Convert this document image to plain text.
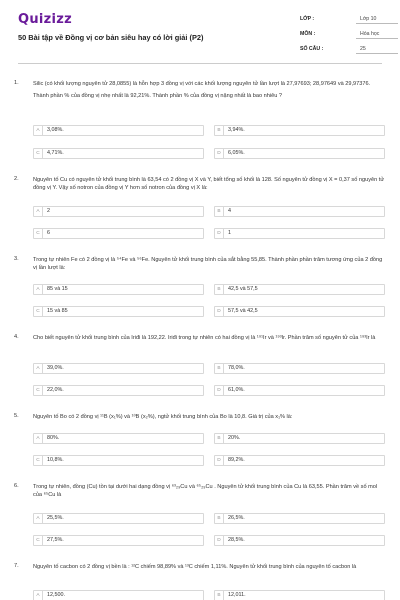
Quizizz
50 Bài tập về Đồng vị cơ bản siêu hay có lời giải (P2)
LỚP :	Lớp 10
MÔN :	Hóa học
SỐ CÂU :	25
1.	Silic (có khối lượng nguyên tử 28,0855) là hỗn hợp 3 đồng vị với các khối lượng nguyên tử lần lượt là 27,97693; 28,97649 và 29,97376.

Thành phần % của đồng vị nhẹ nhất là 92,21%. Thành phần % của đồng vị nặng nhất là bao nhiêu ?

A	3,08%.	B	3,94%.
C	4,71%.	D	6,05%.
2.	Nguyên tố Cu có nguyên tử khối trung bình là 63,54 có 2 đồng vị X và Y, biết tổng số khối là 128. Số nguyên tử đồng vị X = 0,37 số nguyên tử đồng vị Y. Vậy số notron của đồng vị Y hơn số notron của đồng vị X là:

A	2	B	4
C	6	D	1
3.	Trong tự nhiên Fe có 2 đồng vị là ⁵⁴Fe và ⁵⁶Fe. Nguyên tử khối trung bình của sắt bằng 55,85. Thành phần phần trăm tương ứng của 2 đồng vị lần lượt là:

A	85 và 15	B	42,5 và 57,5
C	15 và 85	D	57,5 và 42,5
4.	Cho biết nguyên tử khối trung bình của Iriđi là 192,22. Iriđi trong tự nhiên có hai đồng vị là ¹⁹¹Ir và ¹⁹³Ir. Phần trăm số nguyên tử của ¹⁹³Ir là

A	39,0%.	B	78,0%.
C	22,0%.	D	61,0%.
5.	Nguyên tố Bo có 2 đồng vị ¹¹B (x₁%) và ¹⁰B (x₂%), ngtử khối trung bình của Bo là 10,8. Giá trị của x₁% là:

A	80%.	B	20%.
C	10,8%.	D	89,2%.
6.	Trong tự nhiên, đồng (Cu) tồn tại dưới hai dạng đồng vị ⁶³₂₉Cu và ⁶⁵₂₉Cu . Nguyên tử khối trung bình của Cu là 63,55. Phần trăm về số mol của ⁶⁵Cu là

A	25,5%.	B	26,5%.
C	27,5%.	D	28,5%.
7.	Nguyên tố cacbon có 2 đồng vị bền là : ¹²C chiếm 98,89% và ¹³C chiếm 1,11%. Nguyên tử khối trung bình của nguyên tố cacbon là

A	12,500.	B	12,011.
